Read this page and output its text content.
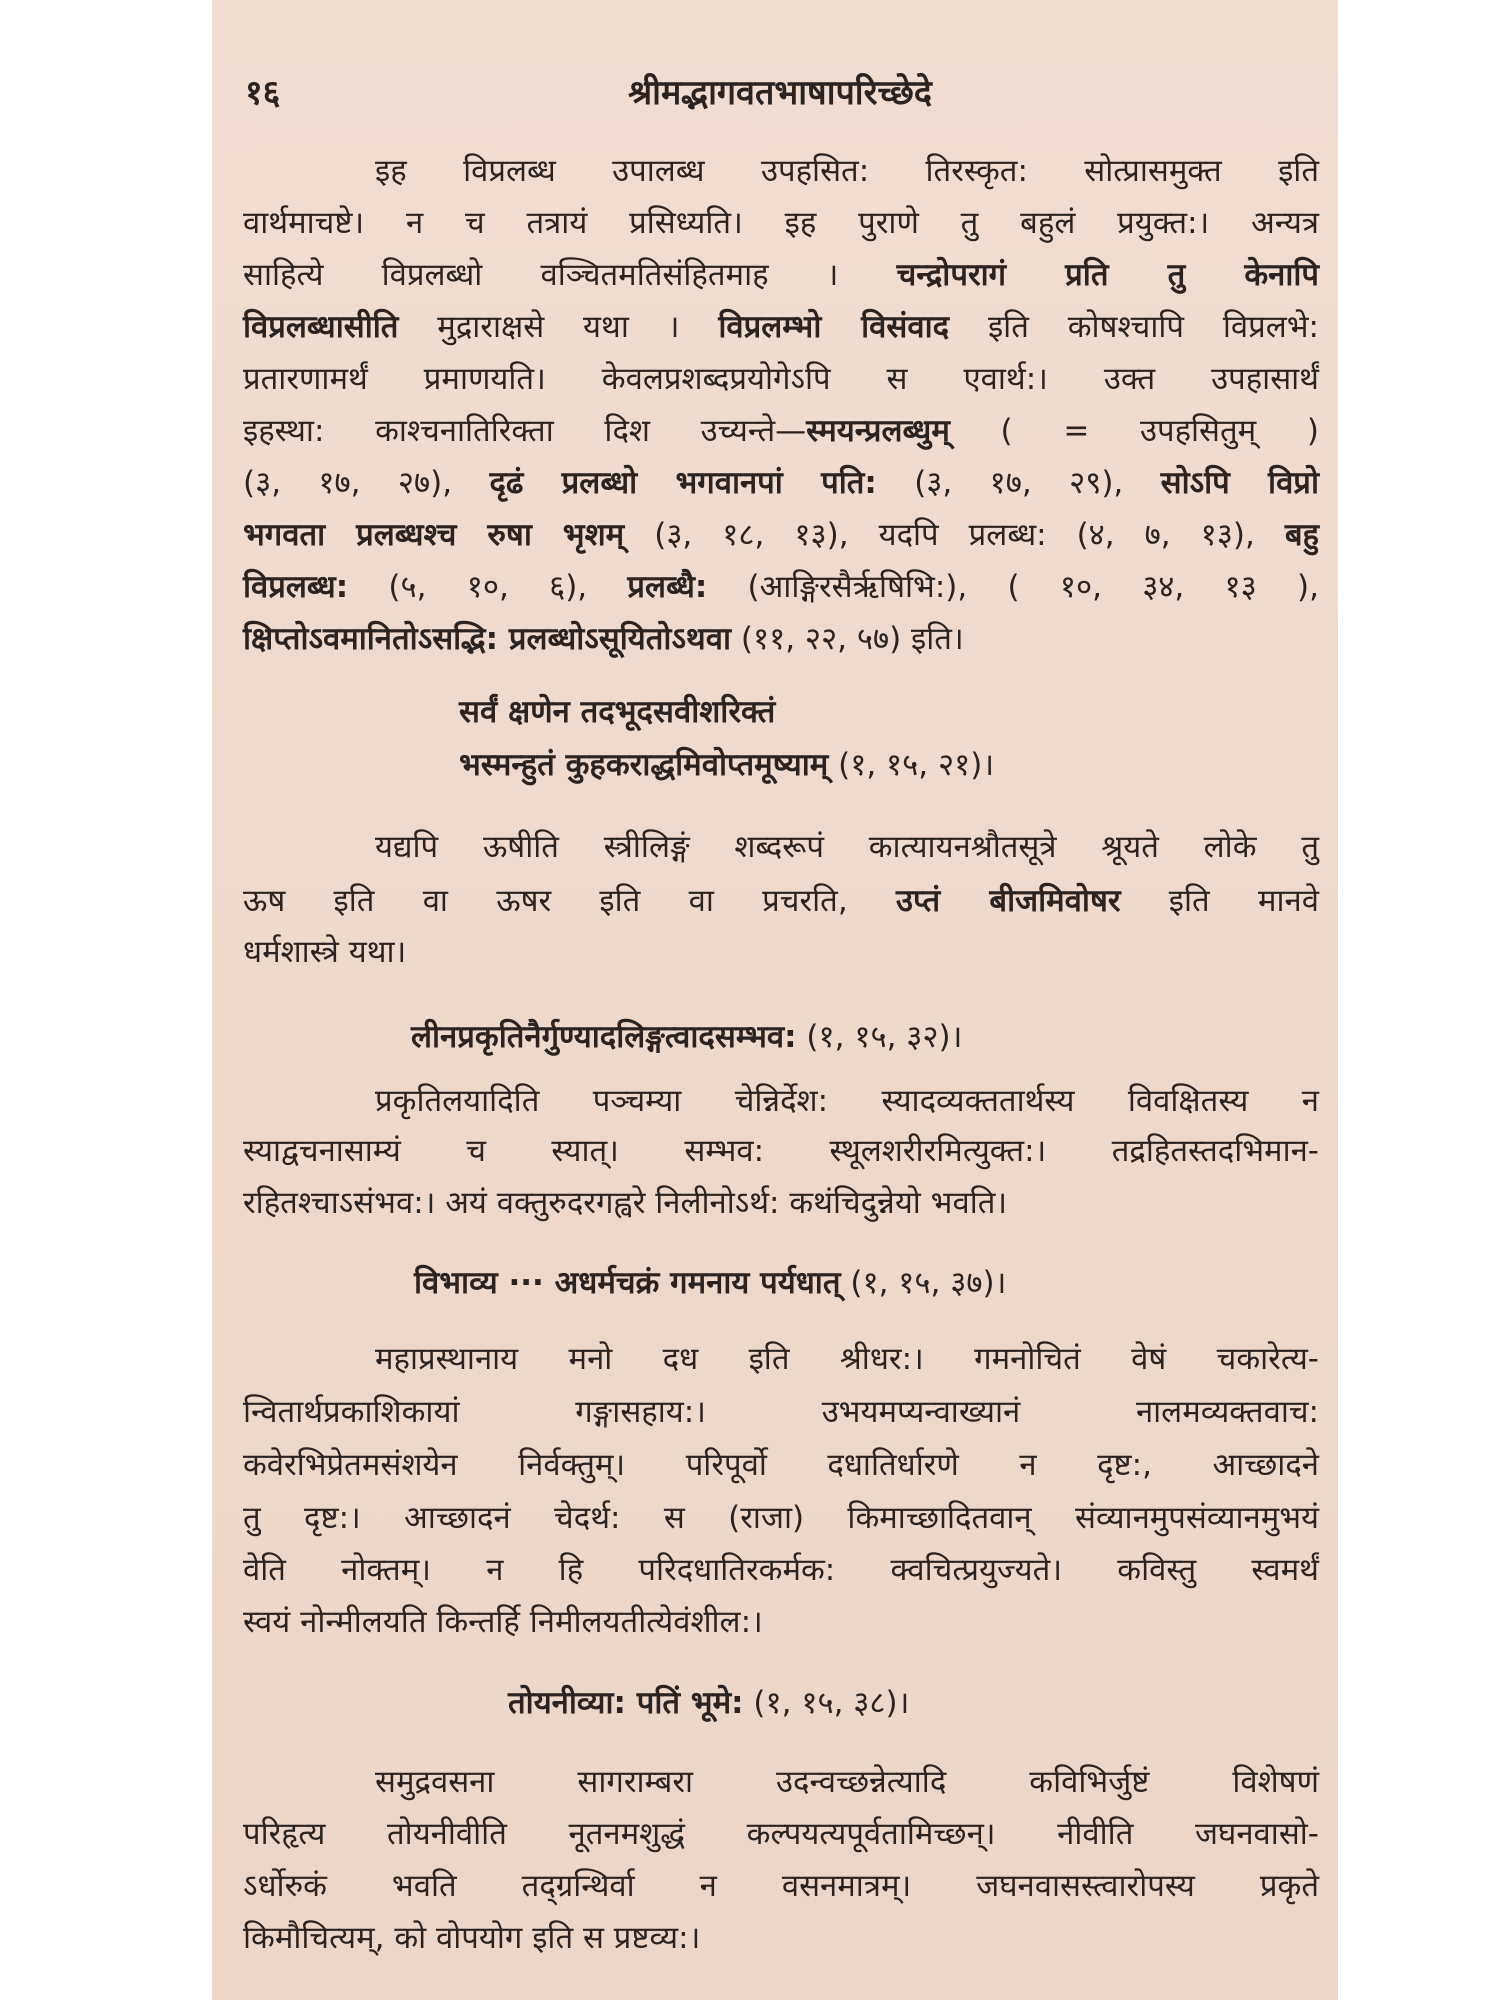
१६	श्रीमद्भागवतभाषापरिच्छेदे
इह विप्रलब्ध उपालब्ध उपहसित: तिरस्कृत: सोत्प्रासमुक्त इति
वार्थमाचष्टे। न च तत्रायं प्रसिध्यति। इह पुराणे तु बहुलं प्रयुक्त:। अन्यत्र
साहित्ये विप्रलब्धो वञ्चितमतिसंहितमाह । चन्द्रोपरागं प्रति तु केनापि
विप्रलब्धासीति मुद्राराक्षसे यथा । विप्रलम्भो विसंवाद इति कोषश्चापि विप्रलभे:
प्रतारणामर्थं प्रमाणयति। केवलप्रशब्दप्रयोगेऽपि स एवार्थ:। उक्त उपहासार्थं
इहस्था: काश्चनातिरिक्ता दिश उच्यन्ते—स्मयन्प्रलब्धुम् ( = उपहसितुम् )
(३, १७, २७), दृढं प्रलब्धो भगवानपां पति: (३, १७, २९), सोऽपि विप्रो
भगवता प्रलब्धश्च रुषा भृशम् (३, १८, १३), यदपि प्रलब्ध: (४, ७, १३), बहु
विप्रलब्ध: (५, १०, ६), प्रलब्धै: (आङ्गिरसैर्ऋषिभि:), ( १०, ३४, १३ ),
क्षिप्तोऽवमानितोऽसद्भि: प्रलब्धोऽसूयितोऽथवा (११, २२, ५७) इति।
सर्वं क्षणेन तदभूदसवीशरिक्तं
भस्मन्हुतं कुहकराद्धमिवोप्तमूष्याम् (१, १५, २१)।
यद्यपि ऊषीति स्त्रीलिङ्गं शब्दरूपं कात्यायनश्रौतसूत्रे श्रूयते लोके तु
ऊष इति वा ऊषर इति वा प्रचरति, उप्तं बीजमिवोषर इति मानवे
धर्मशास्त्रे यथा।
लीनप्रकृतिनैर्गुण्यादलिङ्गत्वादसम्भव: (१, १५, ३२)।
प्रकृतिलयादिति पञ्चम्या चेन्निर्देश: स्यादव्यक्ततार्थस्य विवक्षितस्य न
स्याद्वचनासाम्यं च स्यात्। सम्भव: स्थूलशरीरमित्युक्त:। तद्रहितस्तदभिमान-
रहितश्चाऽसंभव:। अयं वक्तुरुदरगह्वरे निलीनोऽर्थ: कथंचिदुन्नेयो भवति।
विभाव्य ··· अधर्मचक्रं गमनाय पर्यधात् (१, १५, ३७)।
महाप्रस्थानाय मनो दध इति श्रीधर:। गमनोचितं वेषं चकारेत्य-
न्वितार्थप्रकाशिकायां गङ्गासहाय:। उभयमप्यन्वाख्यानं नालमव्यक्तवाच:
कवेरभिप्रेतमसंशयेन निर्वक्तुम्। परिपूर्वो दधातिर्धारणे न दृष्ट:, आच्छादने
तु दृष्ट:। आच्छादनं चेदर्थ: स (राजा) किमाच्छादितवान् संव्यानमुपसंव्यानमुभयं
वेति नोक्तम्। न हि परिदधातिरकर्मक: क्वचित्प्रयुज्यते। कविस्तु स्वमर्थं
स्वयं नोन्मीलयति किन्तर्हि निमीलयतीत्येवंशील:।
तोयनीव्या: पतिं भूमे: (१, १५, ३८)।
समुद्रवसना सागराम्बरा उदन्वच्छन्नेत्यादि कविभिर्जुष्टं विशेषणं
परिहृत्य तोयनीवीति नूतनमशुद्धं कल्पयत्यपूर्वतामिच्छन्। नीवीति जघनवासो-
ऽर्धोरुकं भवति तद्ग्रन्थिर्वा न वसनमात्रम्। जघनवासस्त्वारोपस्य प्रकृते
किमौचित्यम्, को वोपयोग इति स प्रष्टव्य:।
